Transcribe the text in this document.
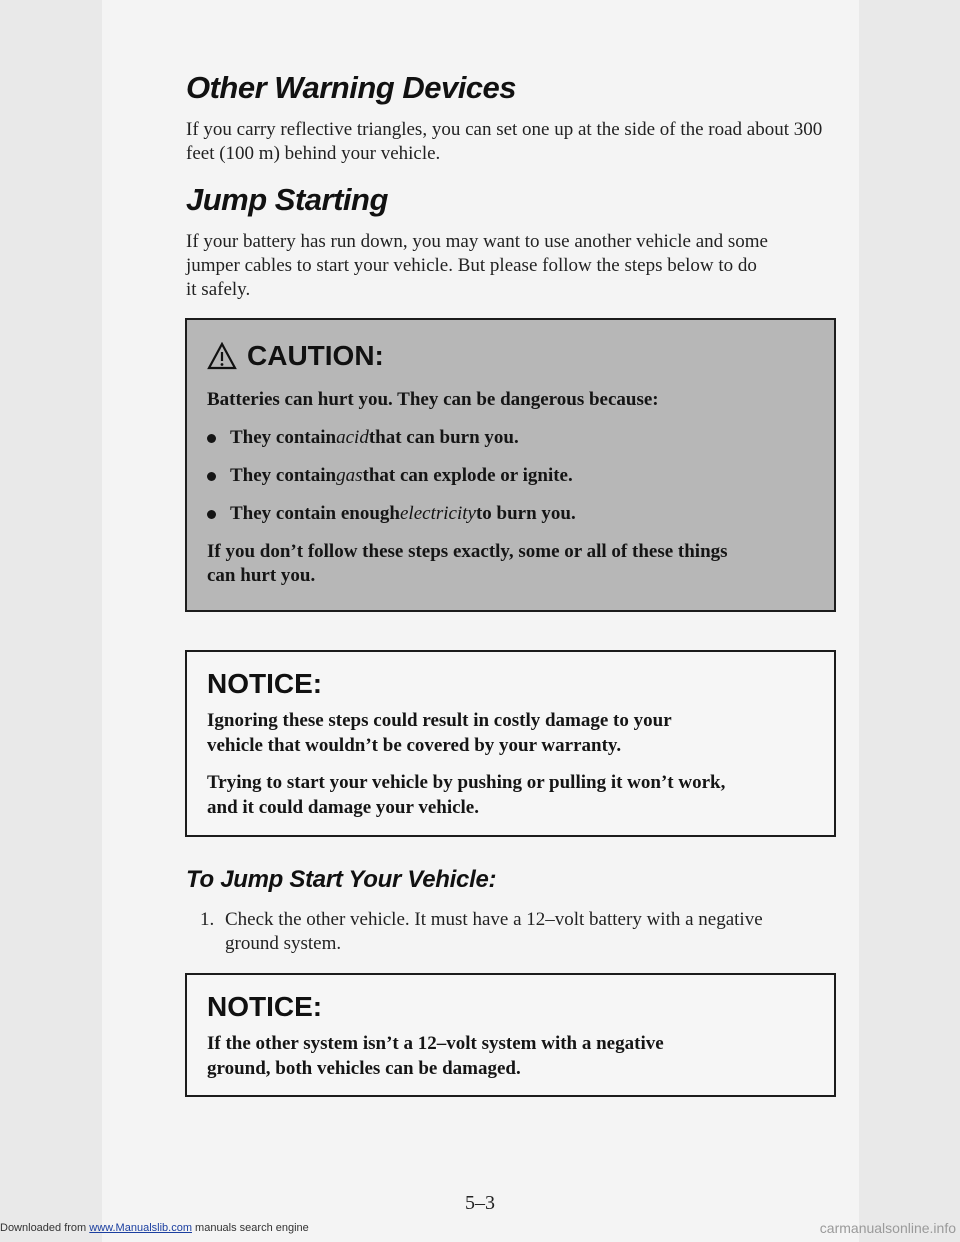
Other Warning Devices

If you carry reflective triangles, you can set one up at the side of the road about 300 feet (100 m) behind your vehicle.

Jump Starting
If your battery has run down, you may want to use another vehicle and some
jumper cables to start your vehicle. But please follow the steps below to do
it safely.
CAUTION:
Batteries can hurt you. They can be dangerous because:
They contain acid that can burn you.
They contain gas that can explode or ignite.
They contain enough electricity to burn you.
If you don’t follow these steps exactly, some or all of these things
can hurt you.
NOTICE:
Ignoring these steps could result in costly damage to your
vehicle that wouldn’t be covered by your warranty.
Trying to start your vehicle by pushing or pulling it won’t work,
and it could damage your vehicle.
To Jump Start Your Vehicle:
1. Check the other vehicle. It must have a 12–volt battery with a negative
ground system.
NOTICE:
If the other system isn’t a 12–volt system with a negative
ground, both vehicles can be damaged.
5–3
Downloaded from www.Manualslib.com manuals search engine	carmanualsonline.info
